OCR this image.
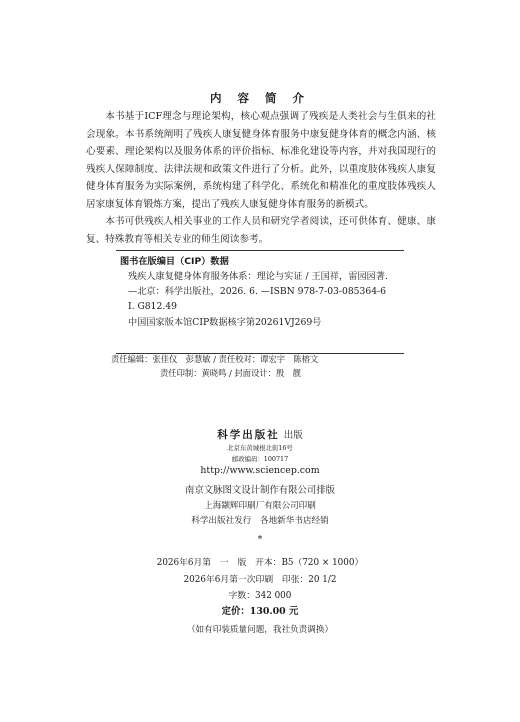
内 容 简 介

本书基于ICF理念与理论架构，核心观点强调了残疾是人类社会与生俱来的社会现象。本书系统阐明了残疾人康复健身体育服务中康复健身体育的概念内涵、核心要素、理论架构以及服务体系的评价指标、标准化建设等内容，并对我国现行的残疾人保障制度、法律法规和政策文件进行了分析。此外，以重度肢体残疾人康复健身体育服务为实际案例，系统构建了科学化、系统化和精准化的重度肢体残疾人居家康复体育锻炼方案，提出了残疾人康复健身体育服务的新模式。

本书可供残疾人相关事业的工作人员和研究学者阅读，还可供体育、健康、康复、特殊教育等相关专业的师生阅读参考。

图书在版编目（CIP）数据
残疾人康复健身体育服务体系：理论与实证 / 王国祥，雷园园著. —北京：科学出版社，2026. 6. —ISBN 978-7-03-085364-6
Ⅰ. G812.49
中国国家版本馆CIP数据核字第20261VJ269号
责任编辑：张佳仪　彭慧敏 / 责任校对：谭宏宇　陈榕文
责任印制：黄晓鸣 / 封面设计：殷　靓
科学出版社 出版
北京东黄城根北街16号
邮政编码：100717
http://www.sciencep.com
南京文脉图文设计制作有限公司排版
上海颛辉印刷厂有限公司印刷
科学出版社发行　各地新华书店经销
*
2026年6月第　一　版　开本：B5（720 × 1000）
2026年6月第一次印刷　印张：20 1/2
字数：342 000
定价：130.00 元
（如有印装质量问题，我社负责调换）
